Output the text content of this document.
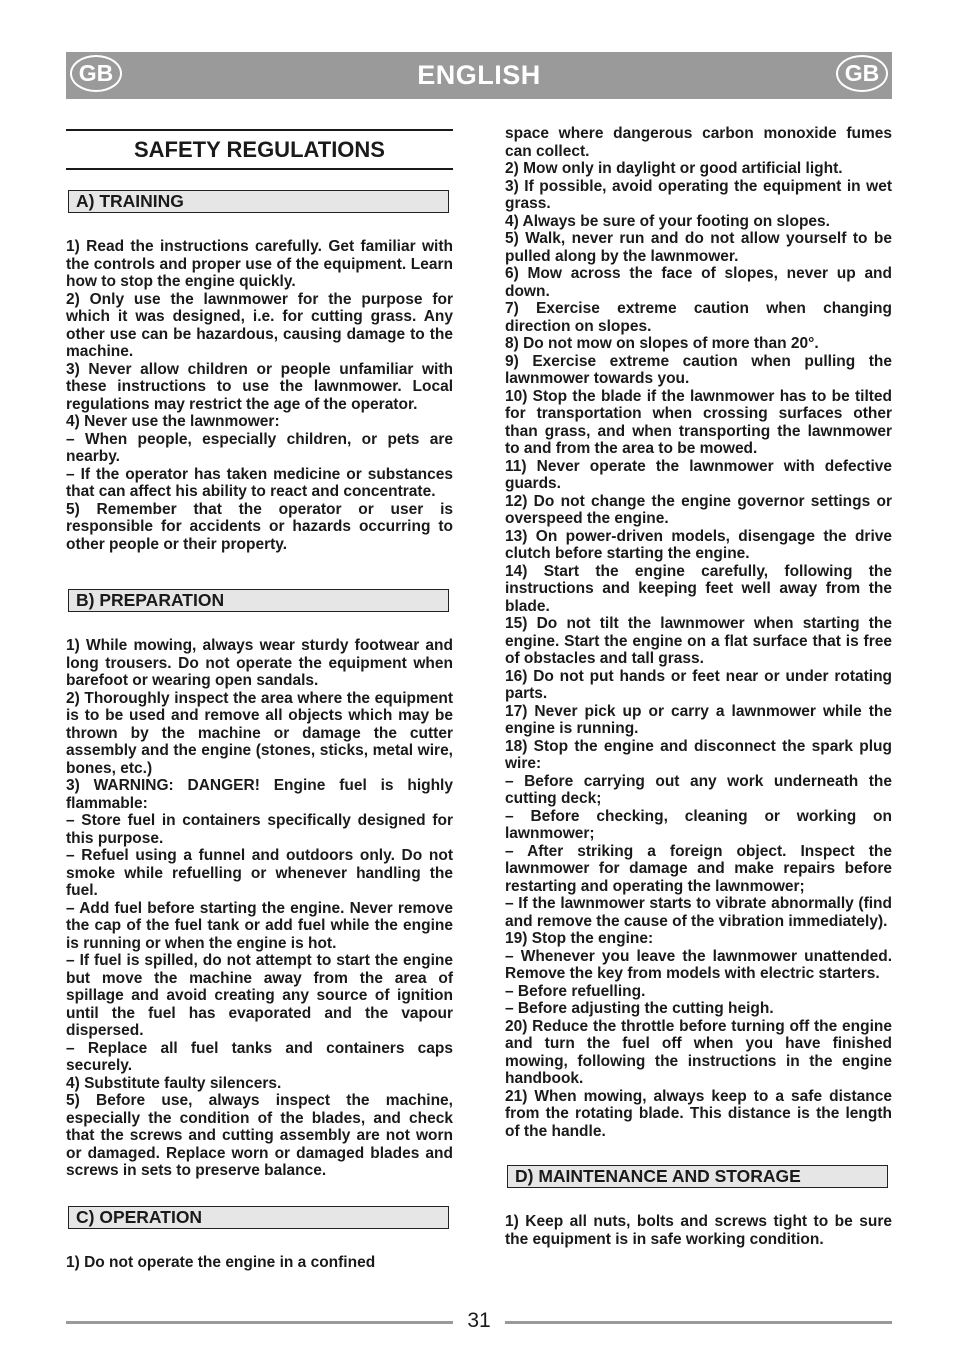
GB	ENGLISH	GB
SAFETY REGULATIONS
A) TRAINING

1) Read the instructions carefully. Get familiar with the controls and proper use of the equipment. Learn how to stop the engine quickly.

2) Only use the lawnmower for the purpose for which it was designed, i.e. for cutting grass. Any other use can be hazardous, causing damage to the machine.

3) Never allow children or people unfamiliar with these instructions to use the lawnmower. Local regulations may restrict the age of the operator.

4) Never use the lawnmower:

– When people, especially children, or pets are nearby.

– If the operator has taken medicine or substances that can affect his ability to react and concentrate.

5) Remember that the operator or user is responsible for accidents or hazards occurring to other people or their property.

B) PREPARATION

1) While mowing, always wear sturdy footwear and long trousers. Do not operate the equipment when barefoot or wearing open sandals.

2) Thoroughly inspect the area where the equipment is to be used and remove all objects which may be thrown by the machine or damage the cutter assembly and the engine (stones, sticks, metal wire, bones, etc.)

3) WARNING: DANGER! Engine fuel is highly flammable:

– Store fuel in containers specifically designed for this purpose.

– Refuel using a funnel and outdoors only. Do not smoke while refuelling or whenever handling the fuel.

– Add fuel before starting the engine. Never remove the cap of the fuel tank or add fuel while the engine is running or when the engine is hot.

– If fuel is spilled, do not attempt to start the engine but move the machine away from the area of spillage and avoid creating any source of ignition until the fuel has evaporated and the vapour dispersed.

– Replace all fuel tanks and containers caps securely.

4) Substitute faulty silencers.

5) Before use, always inspect the machine, especially the condition of the blades, and check that the screws and cutting assembly are not worn or damaged. Replace worn or damaged blades and screws in sets to preserve balance.

C) OPERATION

1) Do not operate the engine in a confined

space where dangerous carbon monoxide fumes can collect.

2) Mow only in daylight or good artificial light.

3) If possible, avoid operating the equipment in wet grass.

4) Always be sure of your footing on slopes.

5) Walk, never run and do not allow yourself to be pulled along by the lawnmower.

6) Mow across the face of slopes, never up and down.

7) Exercise extreme caution when changing direction on slopes.

8) Do not mow on slopes of more than 20°.

9) Exercise extreme caution when pulling the lawnmower towards you.

10) Stop the blade if the lawnmower has to be tilted for transportation when crossing surfaces other than grass, and when transporting the lawnmower to and from the area to be mowed.

11) Never operate the lawnmower with defective guards.

12) Do not change the engine governor settings or overspeed the engine.

13) On power-driven models, disengage the drive clutch before starting the engine.

14) Start the engine carefully, following the instructions and keeping feet well away from the blade.

15) Do not tilt the lawnmower when starting the engine. Start the engine on a flat surface that is free of obstacles and tall grass.

16) Do not put hands or feet near or under rotating parts.

17) Never pick up or carry a lawnmower while the engine is running.

18) Stop the engine and disconnect the spark plug wire:

– Before carrying out any work underneath the cutting deck;

– Before checking, cleaning or working on lawnmower;

– After striking a foreign object. Inspect the lawnmower for damage and make repairs before restarting and operating the lawnmower;

– If the lawnmower starts to vibrate abnormally (find and remove the cause of the vibration immediately).

19) Stop the engine:

– Whenever you leave the lawnmower unattended. Remove the key from models with electric starters.

– Before refuelling.

– Before adjusting the cutting heigh.

20) Reduce the throttle before turning off the engine and turn the fuel off when you have finished mowing, following the instructions in the engine handbook.

21) When mowing, always keep to a safe distance from the rotating blade. This distance is the length of the handle.

D) MAINTENANCE AND STORAGE

1) Keep all nuts, bolts and screws tight to be sure the equipment is in safe working condition.

31
